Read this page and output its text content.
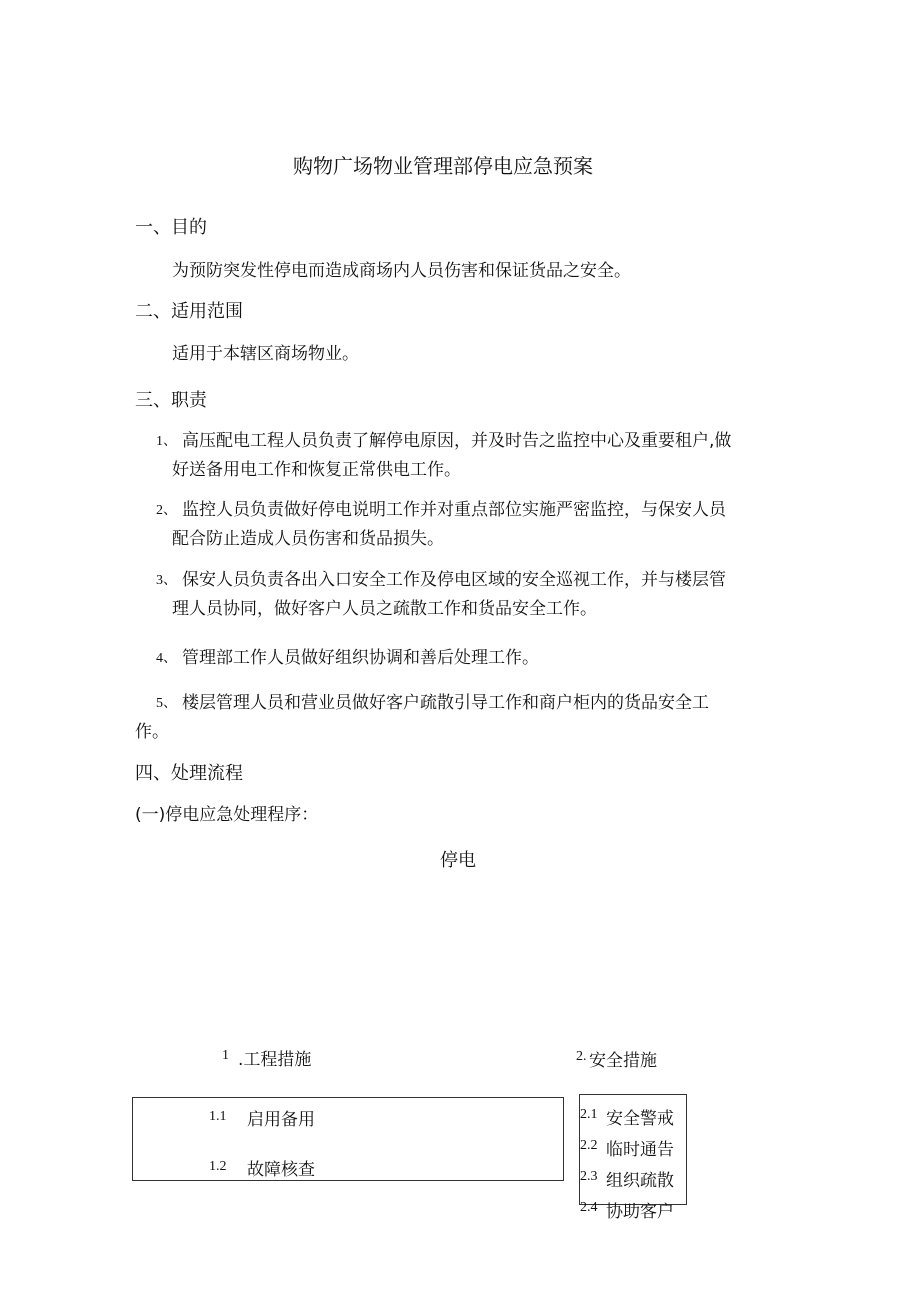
购物广场物业管理部停电应急预案
一、目的
为预防突发性停电而造成商场内人员伤害和保证货品之安全。
二、适用范围
适用于本辖区商场物业。
三、职责
1、 高压配电工程人员负责了解停电原因，并及时告之监控中心及重要租户,做
好送备用电工作和恢复正常供电工作。
2、 监控人员负责做好停电说明工作并对重点部位实施严密监控，与保安人员
配合防止造成人员伤害和货品损失。
3、 保安人员负责各出入口安全工作及停电区域的安全巡视工作，并与楼层管
理人员协同，做好客户人员之疏散工作和货品安全工作。
4、 管理部工作人员做好组织协调和善后处理工作。
5、 楼层管理人员和营业员做好客户疏散引导工作和商户柜内的货品安全工
作。
四、处理流程
(一)停电应急处理程序：
停电
1 .工程措施
1.1 启用备用
1.2 故障核查
2. 安全措施
2.1 安全警戒
2.2 临时通告
2.3 组织疏散
2.4 协助客户
